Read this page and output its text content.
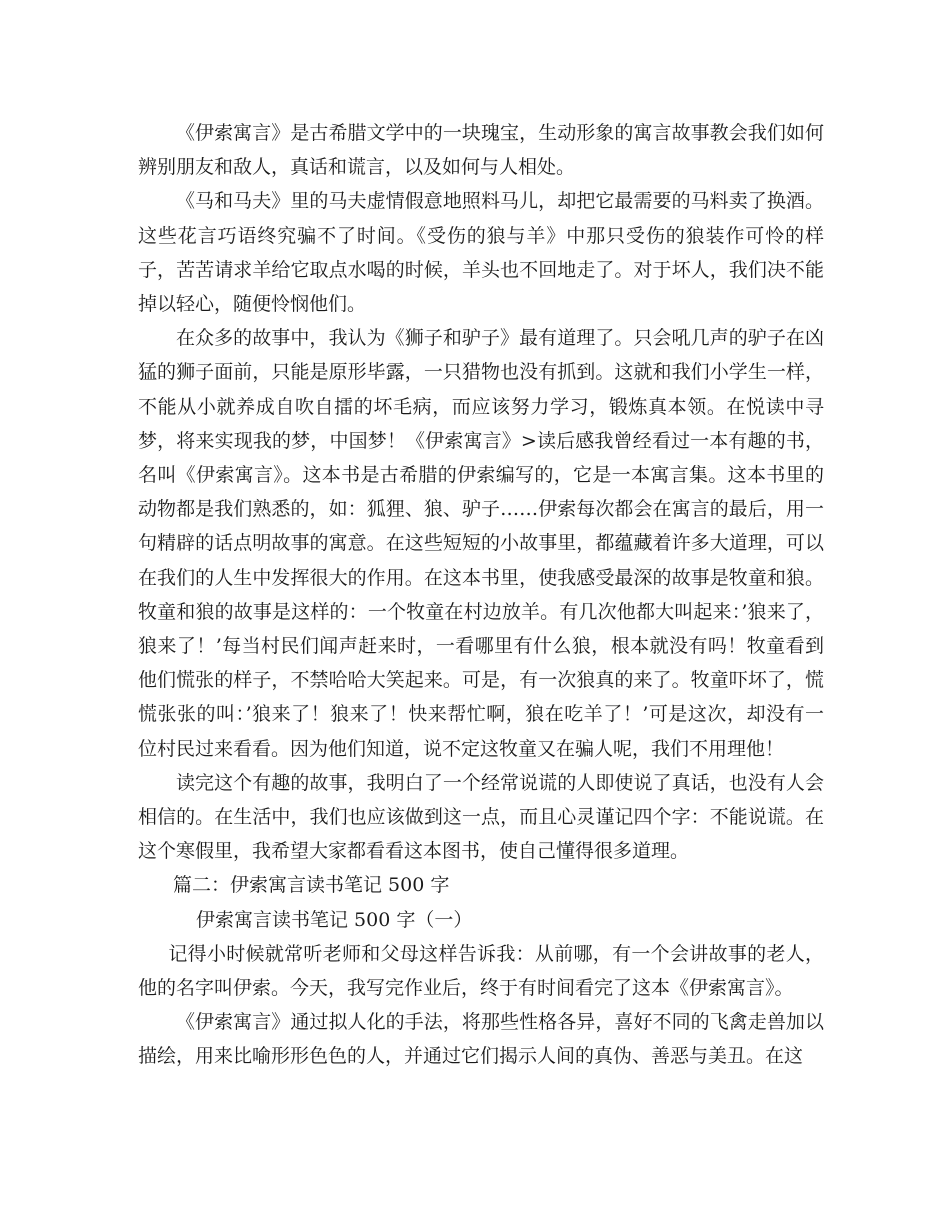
《伊索寓言》是古希腊文学中的一块瑰宝，生动形象的寓言故事教会我们如何辨别朋友和敌人，真话和谎言，以及如何与人相处。

《马和马夫》里的马夫虚情假意地照料马儿，却把它最需要的马料卖了换酒。这些花言巧语终究骗不了时间。《受伤的狼与羊》中那只受伤的狼装作可怜的样子，苦苦请求羊给它取点水喝的时候，羊头也不回地走了。对于坏人，我们决不能掉以轻心，随便怜悯他们。

在众多的故事中，我认为《狮子和驴子》最有道理了。只会吼几声的驴子在凶猛的狮子面前，只能是原形毕露，一只猎物也没有抓到。这就和我们小学生一样，不能从小就养成自吹自擂的坏毛病，而应该努力学习，锻炼真本领。在悦读中寻梦，将来实现我的梦，中国梦！《伊索寓言》>读后感我曾经看过一本有趣的书，名叫《伊索寓言》。这本书是古希腊的伊索编写的，它是一本寓言集。这本书里的动物都是我们熟悉的，如：狐狸、狼、驴子……伊索每次都会在寓言的最后，用一句精辟的话点明故事的寓意。在这些短短的小故事里，都蕴藏着许多大道理，可以在我们的人生中发挥很大的作用。在这本书里，使我感受最深的故事是牧童和狼。牧童和狼的故事是这样的：一个牧童在村边放羊。有几次他都大叫起来：’狼来了，狼来了！’每当村民们闻声赶来时，一看哪里有什么狼，根本就没有吗！牧童看到他们慌张的样子，不禁哈哈大笑起来。可是，有一次狼真的来了。牧童吓坏了，慌慌张张的叫：’狼来了！狼来了！快来帮忙啊，狼在吃羊了！’可是这次，却没有一位村民过来看看。因为他们知道，说不定这牧童又在骗人呢，我们不用理他！

读完这个有趣的故事，我明白了一个经常说谎的人即使说了真话，也没有人会相信的。在生活中，我们也应该做到这一点，而且心灵谨记四个字：不能说谎。在这个寒假里，我希望大家都看看这本图书，使自己懂得很多道理。

篇二：伊索寓言读书笔记 500 字

伊索寓言读书笔记 500 字（一）

记得小时候就常听老师和父母这样告诉我：从前哪，有一个会讲故事的老人，他的名字叫伊索。今天，我写完作业后，终于有时间看完了这本《伊索寓言》。

《伊索寓言》通过拟人化的手法，将那些性格各异，喜好不同的飞禽走兽加以描绘，用来比喻形形色色的人，并通过它们揭示人间的真伪、善恶与美丑。在这
